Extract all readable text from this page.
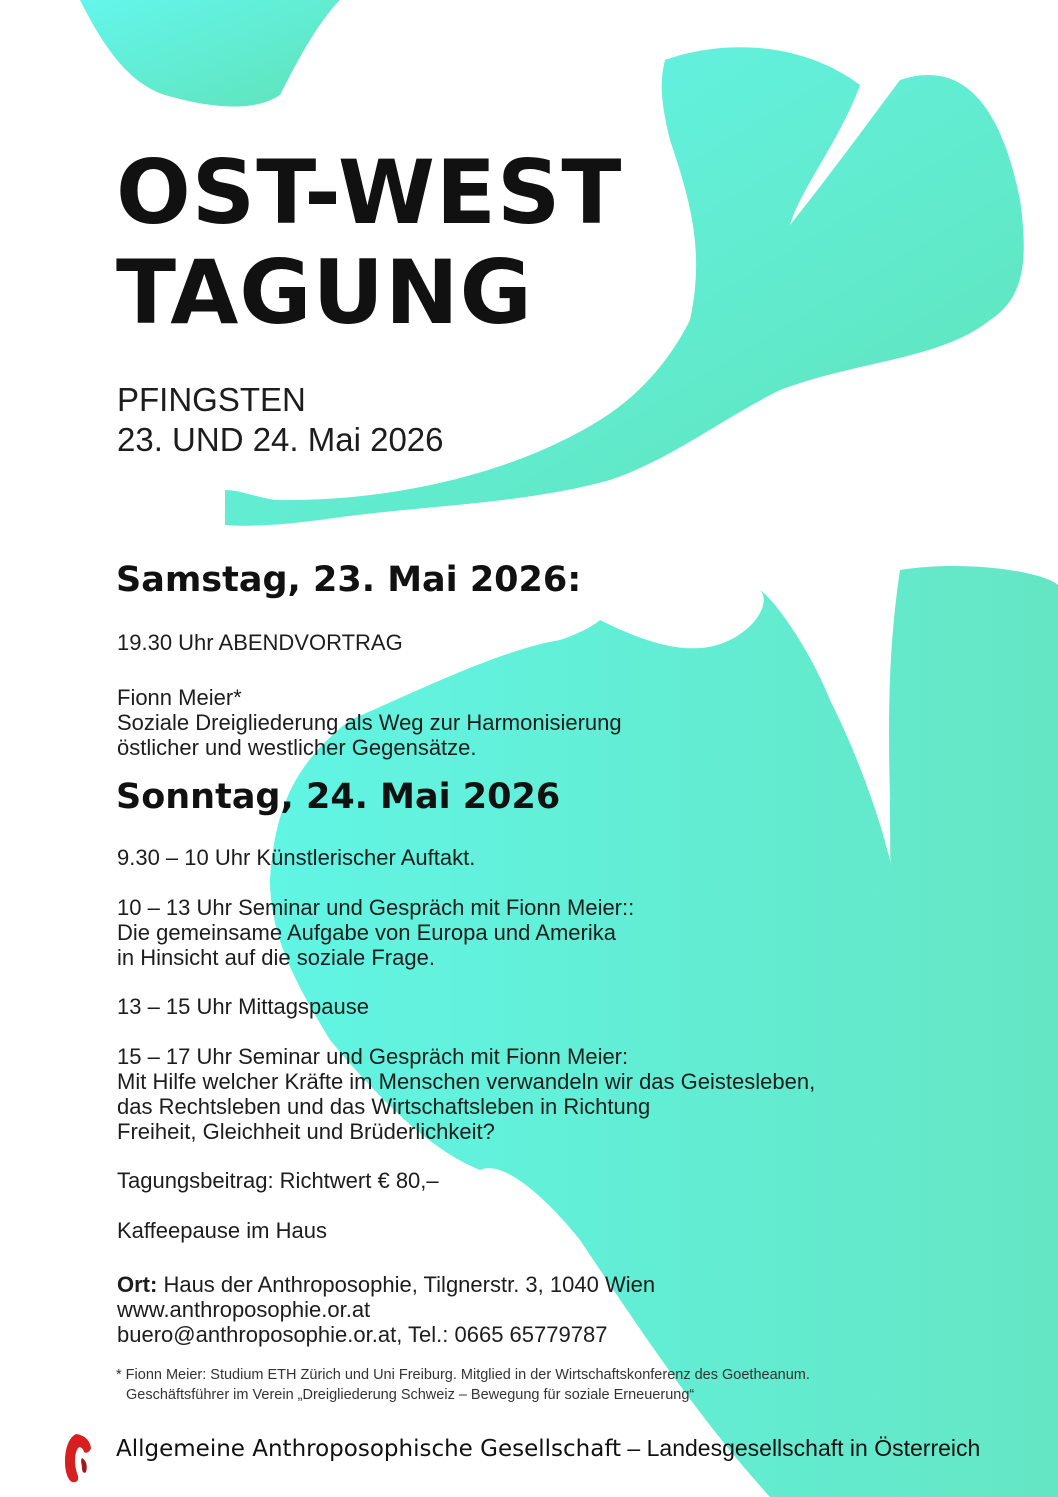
OST-WEST
TAGUNG
PFINGSTEN
23. UND 24. Mai 2026
Samstag, 23. Mai 2026:
19.30 Uhr ABENDVORTRAG
Fionn Meier*
Soziale Dreigliederung als Weg zur Harmonisierung
östlicher und westlicher Gegensätze.
Sonntag, 24. Mai 2026
9.30 – 10 Uhr Künstlerischer Auftakt.
10 – 13 Uhr Seminar und Gespräch mit Fionn Meier::
Die gemeinsame Aufgabe von Europa und Amerika
in Hinsicht auf die soziale Frage.
13 – 15 Uhr Mittagspause
15 – 17 Uhr Seminar und Gespräch mit Fionn Meier:
Mit Hilfe welcher Kräfte im Menschen verwandeln wir das Geistesleben,
das Rechtsleben und das Wirtschaftsleben in Richtung
Freiheit, Gleichheit und Brüderlichkeit?
Tagungsbeitrag: Richtwert € 80,–
Kaffeepause im Haus
Ort: Haus der Anthroposophie, Tilgnerstr. 3, 1040 Wien
www.anthroposophie.or.at
buero@anthroposophie.or.at, Tel.: 0665 65779787
* Fionn Meier: Studium ETH Zürich und Uni Freiburg. Mitglied in der Wirtschaftskonferenz des Goetheanum.
Geschäftsführer im Verein „Dreigliederung Schweiz – Bewegung für soziale Erneuerung“
Allgemeine Anthroposophische Gesellschaft – Landesgesellschaft in Österreich
